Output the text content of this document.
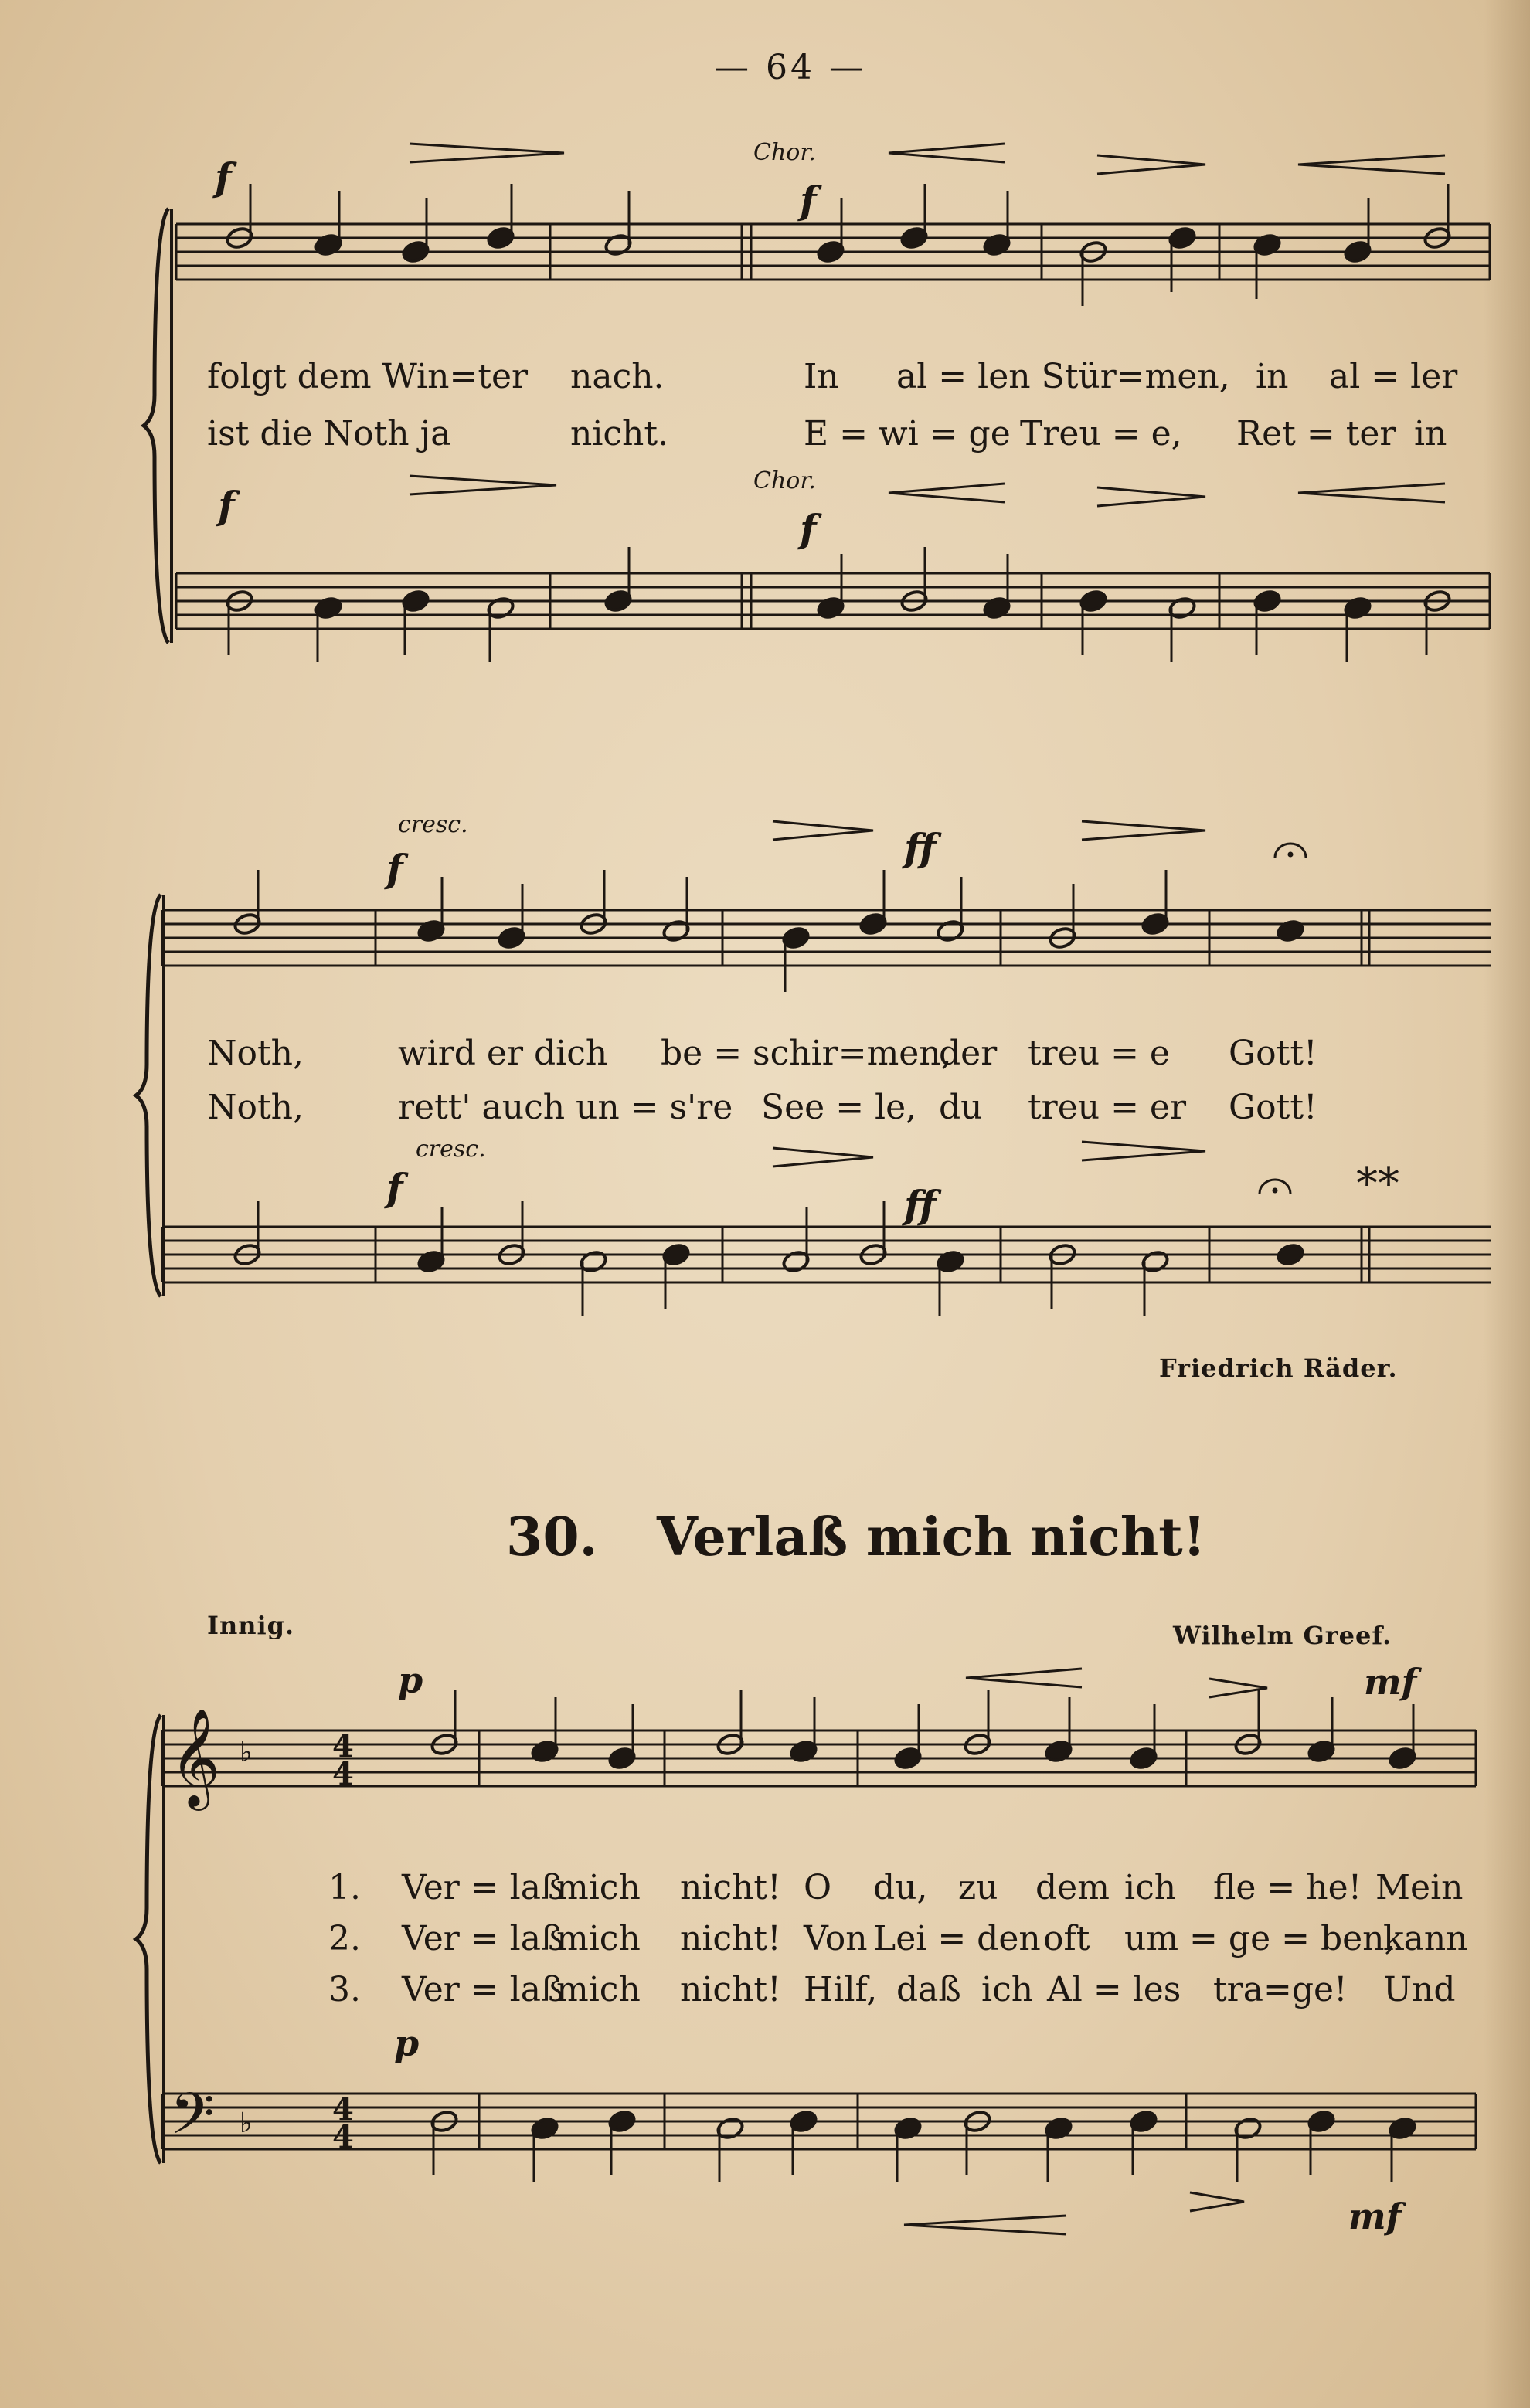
𝄞
𝄢
♭
♭
4
4
4
4
— 64 —
Chor.
Chor.
f
f
f
f
folgt dem Win=ter nach.	In al = len Stür=men, in al = ler
ist die Noth ja	nicht.	E = wi = ge Treu = e, Ret = ter in
cresc.
cresc.
f	ff
f	ff	**
Noth,	wird er dich be = schir=men,
der treu = e Gott!
Noth,	rett' auch un = s're See = le, du treu = er Gott!
Friedrich Räder.
30. Verlaß mich nicht!
Innig.	Wilhelm Greef.
p	mf
p
mf
1. Ver = laß
mich nicht! O du, zu dem ich fle = he! Mein
2. Ver = laß
mich nicht! Von Lei = den oft um = ge = ben,
kann
3. Ver = laß
mich nicht! Hilf, daß ich Al = les tra=ge! Und
